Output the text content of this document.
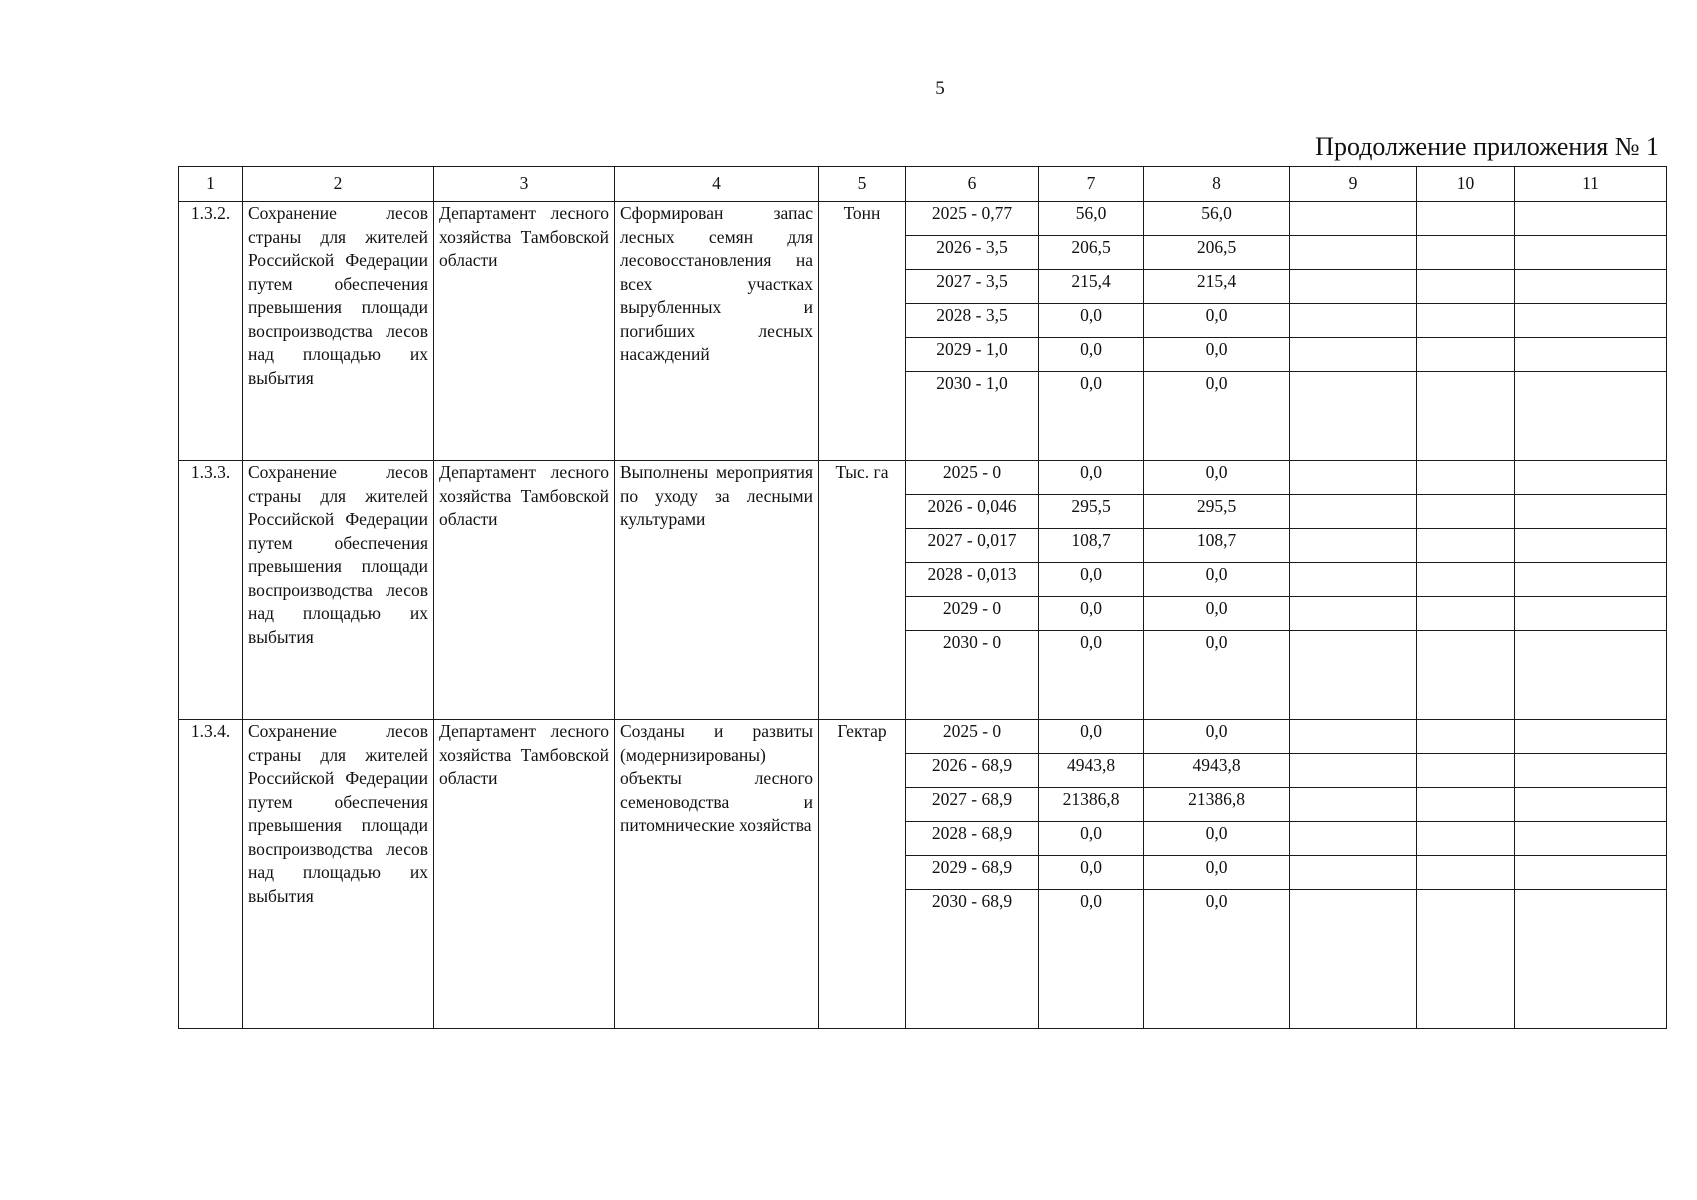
5
Продолжение приложения № 1
1	2	3	4	5	6	7	8	9	10	11
1.3.2.	Сохранение лесов страны для жителей Российской Федерации путем обеспечения превышения площади воспроизводства лесов над площадью их выбытия	Департамент лесного хозяйства Тамбовской области	Сформирован запас лесных семян для лесовосстановления на всех участках вырубленных и погибших лесных насаждений	Тонн	2025 - 0,77	56,0	56,0			
					2026 - 3,5	206,5	206,5			
					2027 - 3,5	215,4	215,4			
					2028 - 3,5	0,0	0,0			
					2029 - 1,0	0,0	0,0			
					2030 - 1,0	0,0	0,0			
1.3.3.	Сохранение лесов страны для жителей Российской Федерации путем обеспечения превышения площади воспроизводства лесов над площадью их выбытия	Департамент лесного хозяйства Тамбовской области	Выполнены мероприятия по уходу за лесными культурами	Тыс. га	2025 - 0	0,0	0,0			
					2026 - 0,046	295,5	295,5			
					2027 - 0,017	108,7	108,7			
					2028 - 0,013	0,0	0,0			
					2029 - 0	0,0	0,0			
					2030 - 0	0,0	0,0			
1.3.4.	Сохранение лесов страны для жителей Российской Федерации путем обеспечения превышения площади воспроизводства лесов над площадью их выбытия	Департамент лесного хозяйства Тамбовской области	Созданы и развиты (модернизированы) объекты лесного семеноводства и питомнические хозяйства	Гектар	2025 - 0	0,0	0,0			
					2026 - 68,9	4943,8	4943,8			
					2027 - 68,9	21386,8	21386,8			
					2028 - 68,9	0,0	0,0			
					2029 - 68,9	0,0	0,0			
					2030 - 68,9	0,0	0,0			
